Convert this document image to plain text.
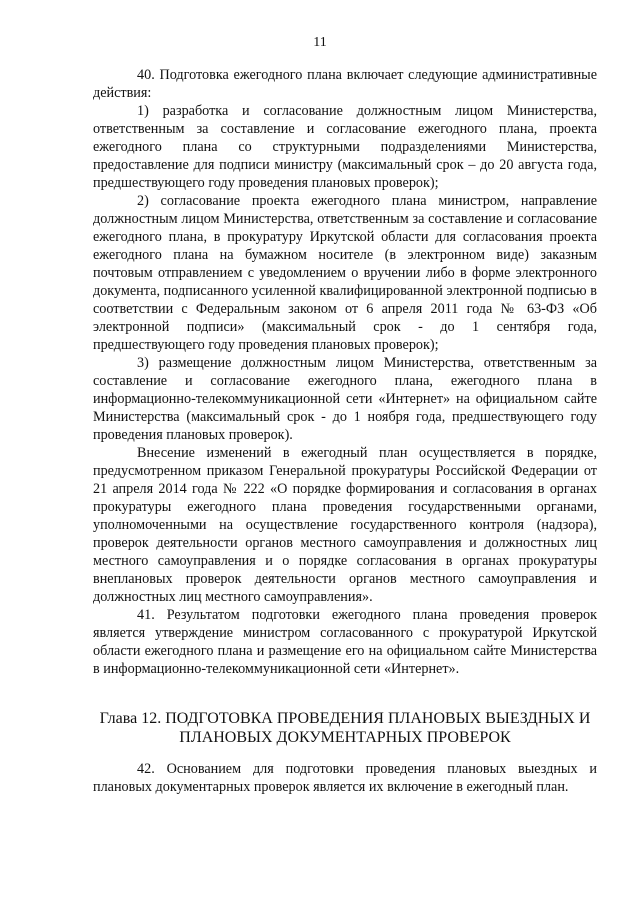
11

40. Подготовка ежегодного плана включает следующие административные действия:

1) разработка и согласование должностным лицом Министерства, ответственным за составление и согласование ежегодного плана, проекта ежегодного плана со структурными подразделениями Министерства, предоставление для подписи министру (максимальный срок – до 20 августа года, предшествующего году проведения плановых проверок);

2) согласование проекта ежегодного плана министром, направление должностным лицом Министерства, ответственным за составление и согласование ежегодного плана, в прокуратуру Иркутской области для согласования проекта ежегодного плана на бумажном носителе (в электронном виде) заказным почтовым отправлением с уведомлением о вручении либо в форме электронного документа, подписанного усиленной квалифицированной электронной подписью в соответствии с Федеральным законом от 6 апреля 2011 года № 63-ФЗ «Об электронной подписи» (максимальный срок - до 1 сентября года, предшествующего году проведения плановых проверок);

3) размещение должностным лицом Министерства, ответственным за составление и согласование ежегодного плана, ежегодного плана в информационно-телекоммуникационной сети «Интернет» на официальном сайте Министерства (максимальный срок - до 1 ноября года, предшествующего году проведения плановых проверок).

Внесение изменений в ежегодный план осуществляется в порядке, предусмотренном приказом Генеральной прокуратуры Российской Федерации от 21 апреля 2014 года № 222 «О порядке формирования и согласования в органах прокуратуры ежегодного плана проведения государственными органами, уполномоченными на осуществление государственного контроля (надзора), проверок деятельности органов местного самоуправления и должностных лиц местного самоуправления и о порядке согласования в органах прокуратуры внеплановых проверок деятельности органов местного самоуправления и должностных лиц местного самоуправления».

41. Результатом подготовки ежегодного плана проведения проверок является утверждение министром согласованного с прокуратурой Иркутской области ежегодного плана и размещение его на официальном сайте Министерства в информационно-телекоммуникационной сети «Интернет».

Глава 12. ПОДГОТОВКА ПРОВЕДЕНИЯ ПЛАНОВЫХ ВЫЕЗДНЫХ И ПЛАНОВЫХ ДОКУМЕНТАРНЫХ ПРОВЕРОК

42. Основанием для подготовки проведения плановых выездных и плановых документарных проверок является их включение в ежегодный план.
